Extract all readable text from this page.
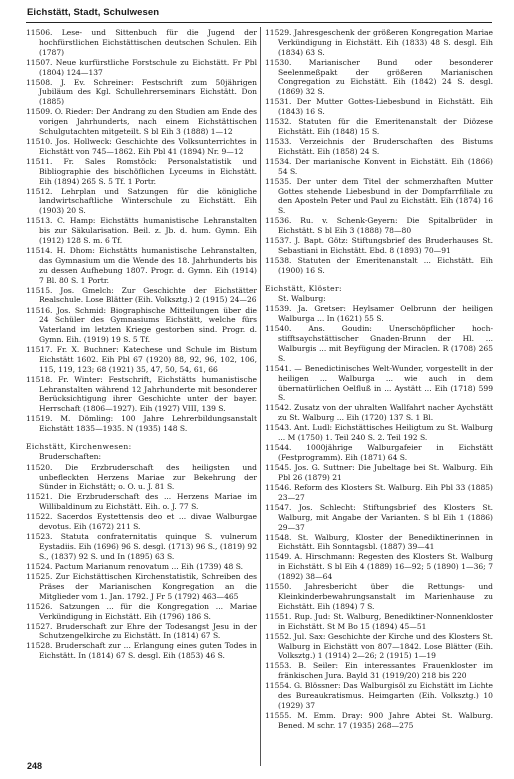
Eichstätt, Stadt, Schulwesen

11506. Lese- und Sittenbuch für die Jugend der hochfürstlichen Eichstättischen deutschen Schulen. Eih (1787)

11507. Neue kurfürstliche Forstschule zu Eichstätt. Fr Pbl (1804) 124—137

11508. J. Ev. Schreiner: Festschrift zum 50jährigen Jubiläum des Kgl. Schullehrerseminars Eichstätt. Don (1885)

11509. O. Rieder: Der Andrang zu den Studien am Ende des vorigen Jahrhunderts, nach einem Eichstättischen Schulgutachten mitgeteilt. S bl Eih 3 (1888) 1—12

11510. Jos. Hollweck: Geschichte des Volksunterrichtes in Eichstätt von 745—1862. Eih Pbl 41 (1894) Nr. 9—12

11511. Fr. Sales Romstöck: Personalstatistik und Bibliographie des bischöflichen Lyceums in Eichstätt. Eih (1894) 265 S. 5 Tf. 1 Portr.

11512. Lehrplan und Satzungen für die königliche landwirtschaftliche Winterschule zu Eichstätt. Eih (1903) 20 S.

11513. C. Hamp: Eichstätts humanistische Lehranstalten bis zur Säkularisation. Beil. z. Jb. d. hum. Gymn. Eih (1912) 128 S. m. 6 Tf.

11514. H. Dhom: Eichstätts humanistische Lehranstalten, das Gymnasium um die Wende des 18. Jahrhunderts bis zu dessen Aufhebung 1807. Progr. d. Gymn. Eih (1914) 7 Bl. 80 S. 1 Portr.

11515. Jos. Gmelch: Zur Geschichte der Eichstätter Realschule. Lose Blätter (Eih. Volksztg.) 2 (1915) 24—26

11516. Jos. Schmid: Biographische Mitteilungen über die 24 Schüler des Gymnasiums Eichstätt, welche fürs Vaterland im letzten Kriege gestorben sind. Progr. d. Gymn. Eih. (1919) 19 S. 5 Tf.

11517. Fr. X. Buchner: Katechese und Schule im Bistum Eichstätt 1602. Eih Pbl 67 (1920) 88, 92, 96, 102, 106, 115, 119, 123; 68 (1921) 35, 47, 50, 54, 61, 66

11518. Fr. Winter: Festschrift, Eichstätts humanistische Lehranstalten während 12 Jahrhunderte mit besonderer Berücksichtigung ihrer Geschichte unter der bayer. Herrschaft (1806—1927). Eih (1927) VIII, 139 S.

11519. M. Dömling: 100 Jahre Lehrerbildungsanstalt Eichstätt 1835—1935. N (1935) 148 S.

Eichstätt, Kirchenwesen:

Bruderschaften:

11520. Die Erzbruderschaft des heiligsten und unbefleckten Herzens Mariae zur Bekehrung der Sünder in Eichstätt; o. O. u. J. 81 S.

11521. Die Erzbruderschaft des ... Herzens Mariae im Willibaldinum zu Eichstätt. Eih. o. J. 77 S.

11522. Sacerdos Eystettensis deo et ... divae Walburgae devotus. Eih (1672) 211 S.

11523. Statuta confraternitatis quinque S. vulnerum Eystadiis. Eih (1696) 96 S. desgl. (1713) 96 S., (1819) 92 S., (1837) 92 S. und In (1895) 63 S.

11524. Pactum Marianum renovatum ... Eih (1739) 48 S.

11525. Zur Eichstättischen Kirchenstatistik, Schreiben des Präses der Marianischen Kongregation an die Mitglieder vom 1. Jan. 1792. J Fr 5 (1792) 463—465

11526. Satzungen ... für die Kongregation ... Mariae Verkündigung in Eichstätt. Eih (1796) 186 S.

11527. Bruderschaft zur Ehre der Todesangst Jesu in der Schutzengelkirche zu Eichstätt. In (1814) 67 S.

11528. Bruderschaft zur ... Erlangung eines guten Todes in Eichstätt. In (1814) 67 S. desgl. Eih (1853) 46 S.

11529. Jahresgeschenk der größeren Kongregation Mariae Verkündigung in Eichstätt. Eih (1833) 48 S. desgl. Eih (1834) 63 S.

11530. Marianischer Bund oder besonderer Seelenmeßpakt der größeren Marianischen Congregation zu Eichstätt. Eih (1842) 24 S. desgl. (1869) 32 S.

11531. Der Mutter Gottes-Liebesbund in Eichstätt. Eih (1843) 16 S.

11532. Statuten für die Emeritenanstalt der Diözese Eichstätt. Eih (1848) 15 S.

11533. Verzeichnis der Bruderschaften des Bistums Eichstätt. Eih (1858) 24 S.

11534. Der marianische Konvent in Eichstätt. Eih (1866) 54 S.

11535. Der unter dem Titel der schmerzhaften Mutter Gottes stehende Liebesbund in der Dompfarrfiliale zu den Aposteln Peter und Paul zu Eichstätt. Eih (1874) 16 S.

11536. Ru. v. Schenk-Geyern: Die Spitalbrüder in Eichstätt. S bl Eih 3 (1888) 78—80

11537. J. Bapt. Götz: Stiftungsbrief des Bruderhauses St. Sebastiani in Eichstätt. Ebd. 8 (1893) 70—91

11538. Statuten der Emeritenanstalt ... Eichstätt. Eih (1900) 16 S.

Eichstätt, Klöster:

St. Walburg:

11539. Ja. Gretser: Heylsamer Oelbrunn der heiligen Walburga ... In (1621) 55 S.

11540. Ans. Goudin: Unerschöpflicher hoch-stifftsaychstättischer Gnaden-Brunn der Hl. ... Walburgis ... mit Beyfügung der Miraclen. R (1708) 265 S.

11541. — Benedictinisches Welt-Wunder, vorgestellt in der heiligen ... Walburga ... wie auch in dem übernatürlichen Oelfluß in ... Aystätt ... Eih (1718) 599 S.

11542. Zusatz von der uhralten Wallfahrt nacher Aychstätt zu St. Walburg ... Eih (1720) 137 S. 1 Bl.

11543. Ant. Ludl: Eichstättisches Heiligtum zu St. Walburg ... M (1750) 1. Teil 240 S. 2. Teil 192 S.

11544. 1000jährige Walburgafeier in Eichstätt (Festprogramm). Eih (1871) 64 S.

11545. Jos. G. Suttner: Die Jubeltage bei St. Walburg. Eih Pbl 26 (1879) 21

11546. Reform des Klosters St. Walburg. Eih Pbl 33 (1885) 23—27

11547. Jos. Schlecht: Stiftungsbrief des Klosters St. Walburg, mit Angabe der Varianten. S bl Eih 1 (1886) 29—37

11548. St. Walburg, Kloster der Benediktinerinnen in Eichstätt. Eih Sonntagsbl. (1887) 39—41

11549. A. Hirschmann: Regesten des Klosters St. Walburg in Eichstätt. S bl Eih 4 (1889) 16—92; 5 (1890) 1—36; 7 (1892) 38—64

11550. Jahresbericht über die Rettungs- und Kleinkinderbewahrungsanstalt im Marienhause zu Eichstätt. Eih (1894) 7 S.

11551. Rup. Jud: St. Walburg, Benediktiner-Nonnenkloster in Eichstätt. St M Bo 15 (1894) 45—51

11552. Jul. Sax: Geschichte der Kirche und des Klosters St. Walburg in Eichstätt von 807—1842. Lose Blätter (Eih. Volksztg.) 1 (1914) 2—26; 2 (1915) 1—19

11553. B. Seiler: Ein interessantes Frauenkloster im fränkischen Jura. Bayld 31 (1919/20) 218 bis 220

11554. G. Blössner: Das Walburgisöl zu Eichstätt im Lichte des Bureaukratismus. Heimgarten (Eih. Volksztg.) 10 (1929) 37

11555. M. Emm. Dray: 900 Jahre Abtei St. Walburg. Bened. M schr. 17 (1935) 268—275

248
